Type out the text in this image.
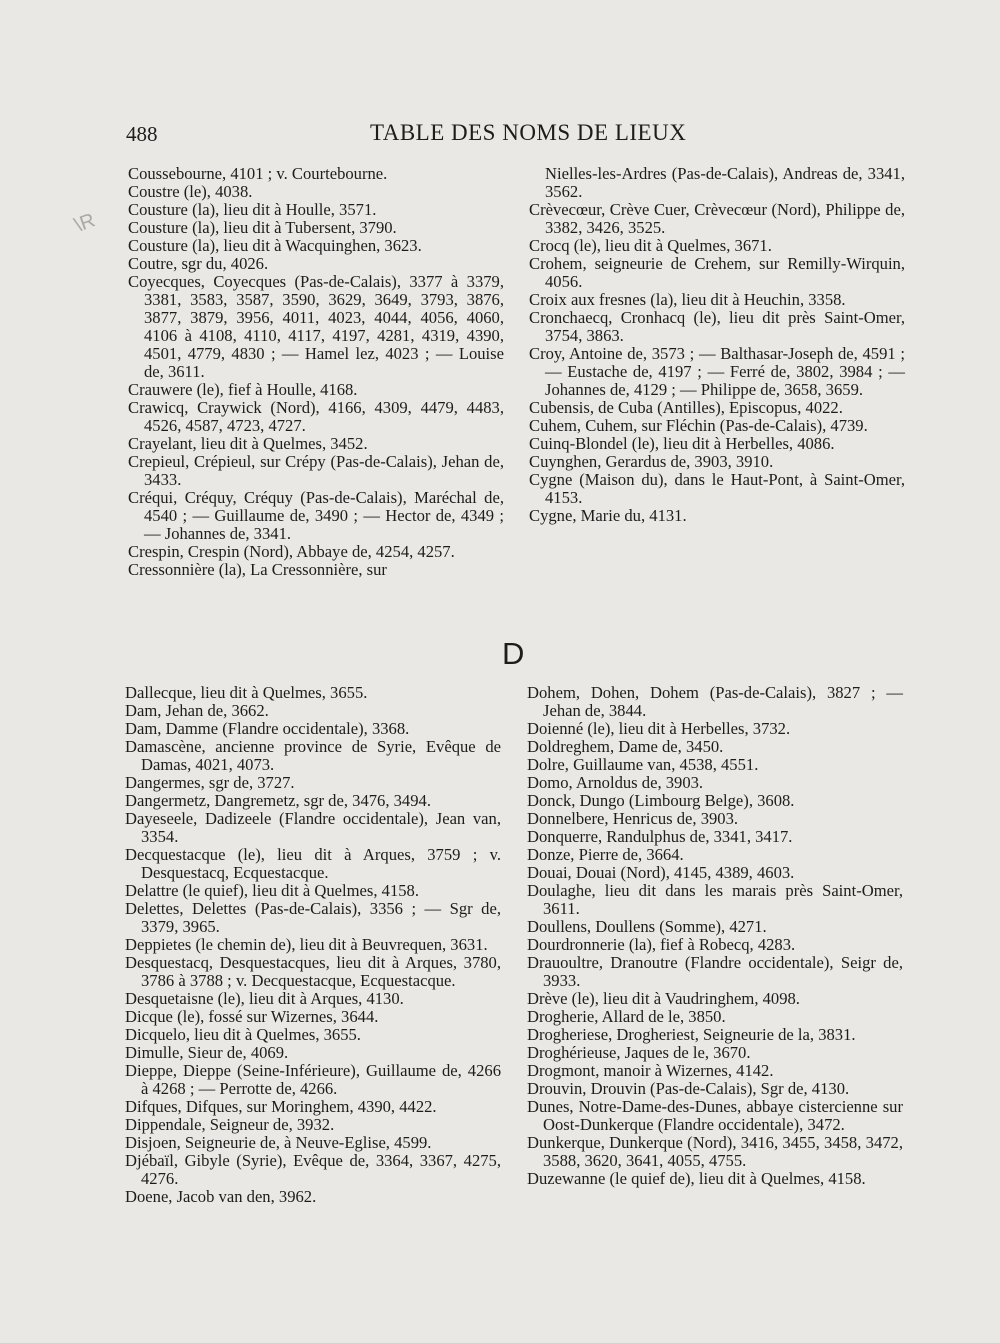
488	TABLE DES NOMS DE LIEUX
\R

Coussebourne, 4101 ; v. Courtebourne.

Coustre (le), 4038.

Cousture (la), lieu dit à Houlle, 3571.

Cousture (la), lieu dit à Tubersent, 3790.

Cousture (la), lieu dit à Wacquinghen, 3623.

Coutre, sgr du, 4026.

Coyecques, Coyecques (Pas-de-Calais), 3377 à 3379, 3381, 3583, 3587, 3590, 3629, 3649, 3793, 3876, 3877, 3879, 3956, 4011, 4023, 4044, 4056, 4060, 4106 à 4108, 4110, 4117, 4197, 4281, 4319, 4390, 4501, 4779, 4830 ; — Hamel lez, 4023 ; — Louise de, 3611.

Crauwere (le), fief à Houlle, 4168.

Crawicq, Craywick (Nord), 4166, 4309, 4479, 4483, 4526, 4587, 4723, 4727.

Crayelant, lieu dit à Quelmes, 3452.

Crepieul, Crépieul, sur Crépy (Pas-de-Calais), Jehan de, 3433.

Créqui, Créquy, Créquy (Pas-de-Calais), Maréchal de, 4540 ; — Guillaume de, 3490 ; — Hector de, 4349 ; — Johannes de, 3341.

Crespin, Crespin (Nord), Abbaye de, 4254, 4257.

Cressonnière (la), La Cressonnière, sur

Nielles-les-Ardres (Pas-de-Calais), Andreas de, 3341, 3562.

Crèvecœur, Crève Cuer, Crèvecœur (Nord), Philippe de, 3382, 3426, 3525.

Crocq (le), lieu dit à Quelmes, 3671.

Crohem, seigneurie de Crehem, sur Remilly-Wirquin, 4056.

Croix aux fresnes (la), lieu dit à Heuchin, 3358.

Cronchaecq, Cronhacq (le), lieu dit près Saint-Omer, 3754, 3863.

Croy, Antoine de, 3573 ; — Balthasar-Joseph de, 4591 ; — Eustache de, 4197 ; — Ferré de, 3802, 3984 ; — Johannes de, 4129 ; — Philippe de, 3658, 3659.

Cubensis, de Cuba (Antilles), Episcopus, 4022.

Cuhem, Cuhem, sur Fléchin (Pas-de-Calais), 4739.

Cuinq-Blondel (le), lieu dit à Herbelles, 4086.

Cuynghen, Gerardus de, 3903, 3910.

Cygne (Maison du), dans le Haut-Pont, à Saint-Omer, 4153.

Cygne, Marie du, 4131.

D

Dallecque, lieu dit à Quelmes, 3655.

Dam, Jehan de, 3662.

Dam, Damme (Flandre occidentale), 3368.

Damascène, ancienne province de Syrie, Evêque de Damas, 4021, 4073.

Dangermes, sgr de, 3727.

Dangermetz, Dangremetz, sgr de, 3476, 3494.

Dayeseele, Dadizeele (Flandre occidentale), Jean van, 3354.

Decquestacque (le), lieu dit à Arques, 3759 ; v. Desquestacq, Ecquestacque.

Delattre (le quief), lieu dit à Quelmes, 4158.

Delettes, Delettes (Pas-de-Calais), 3356 ; — Sgr de, 3379, 3965.

Deppietes (le chemin de), lieu dit à Beuvrequen, 3631.

Desquestacq, Desquestacques, lieu dit à Arques, 3780, 3786 à 3788 ; v. Decquestacque, Ecquestacque.

Desquetaisne (le), lieu dit à Arques, 4130.

Dicque (le), fossé sur Wizernes, 3644.

Dicquelo, lieu dit à Quelmes, 3655.

Dimulle, Sieur de, 4069.

Dieppe, Dieppe (Seine-Inférieure), Guillaume de, 4266 à 4268 ; — Perrotte de, 4266.

Difques, Difques, sur Moringhem, 4390, 4422.

Dippendale, Seigneur de, 3932.

Disjoen, Seigneurie de, à Neuve-Eglise, 4599.

Djébaïl, Gibyle (Syrie), Evêque de, 3364, 3367, 4275, 4276.

Doene, Jacob van den, 3962.

Dohem, Dohen, Dohem (Pas-de-Calais), 3827 ; — Jehan de, 3844.

Doienné (le), lieu dit à Herbelles, 3732.

Doldreghem, Dame de, 3450.

Dolre, Guillaume van, 4538, 4551.

Domo, Arnoldus de, 3903.

Donck, Dungo (Limbourg Belge), 3608.

Donnelbere, Henricus de, 3903.

Donquerre, Randulphus de, 3341, 3417.

Donze, Pierre de, 3664.

Douai, Douai (Nord), 4145, 4389, 4603.

Doulaghe, lieu dit dans les marais près Saint-Omer, 3611.

Doullens, Doullens (Somme), 4271.

Dourdronnerie (la), fief à Robecq, 4283.

Drauoultre, Dranoutre (Flandre occidentale), Seigr de, 3933.

Drève (le), lieu dit à Vaudringhem, 4098.

Drogherie, Allard de le, 3850.

Drogheriese, Drogheriest, Seigneurie de la, 3831.

Droghérieuse, Jaques de le, 3670.

Drogmont, manoir à Wizernes, 4142.

Drouvin, Drouvin (Pas-de-Calais), Sgr de, 4130.

Dunes, Notre-Dame-des-Dunes, abbaye cistercienne sur Oost-Dunkerque (Flandre occidentale), 3472.

Dunkerque, Dunkerque (Nord), 3416, 3455, 3458, 3472, 3588, 3620, 3641, 4055, 4755.

Duzewanne (le quief de), lieu dit à Quelmes, 4158.
